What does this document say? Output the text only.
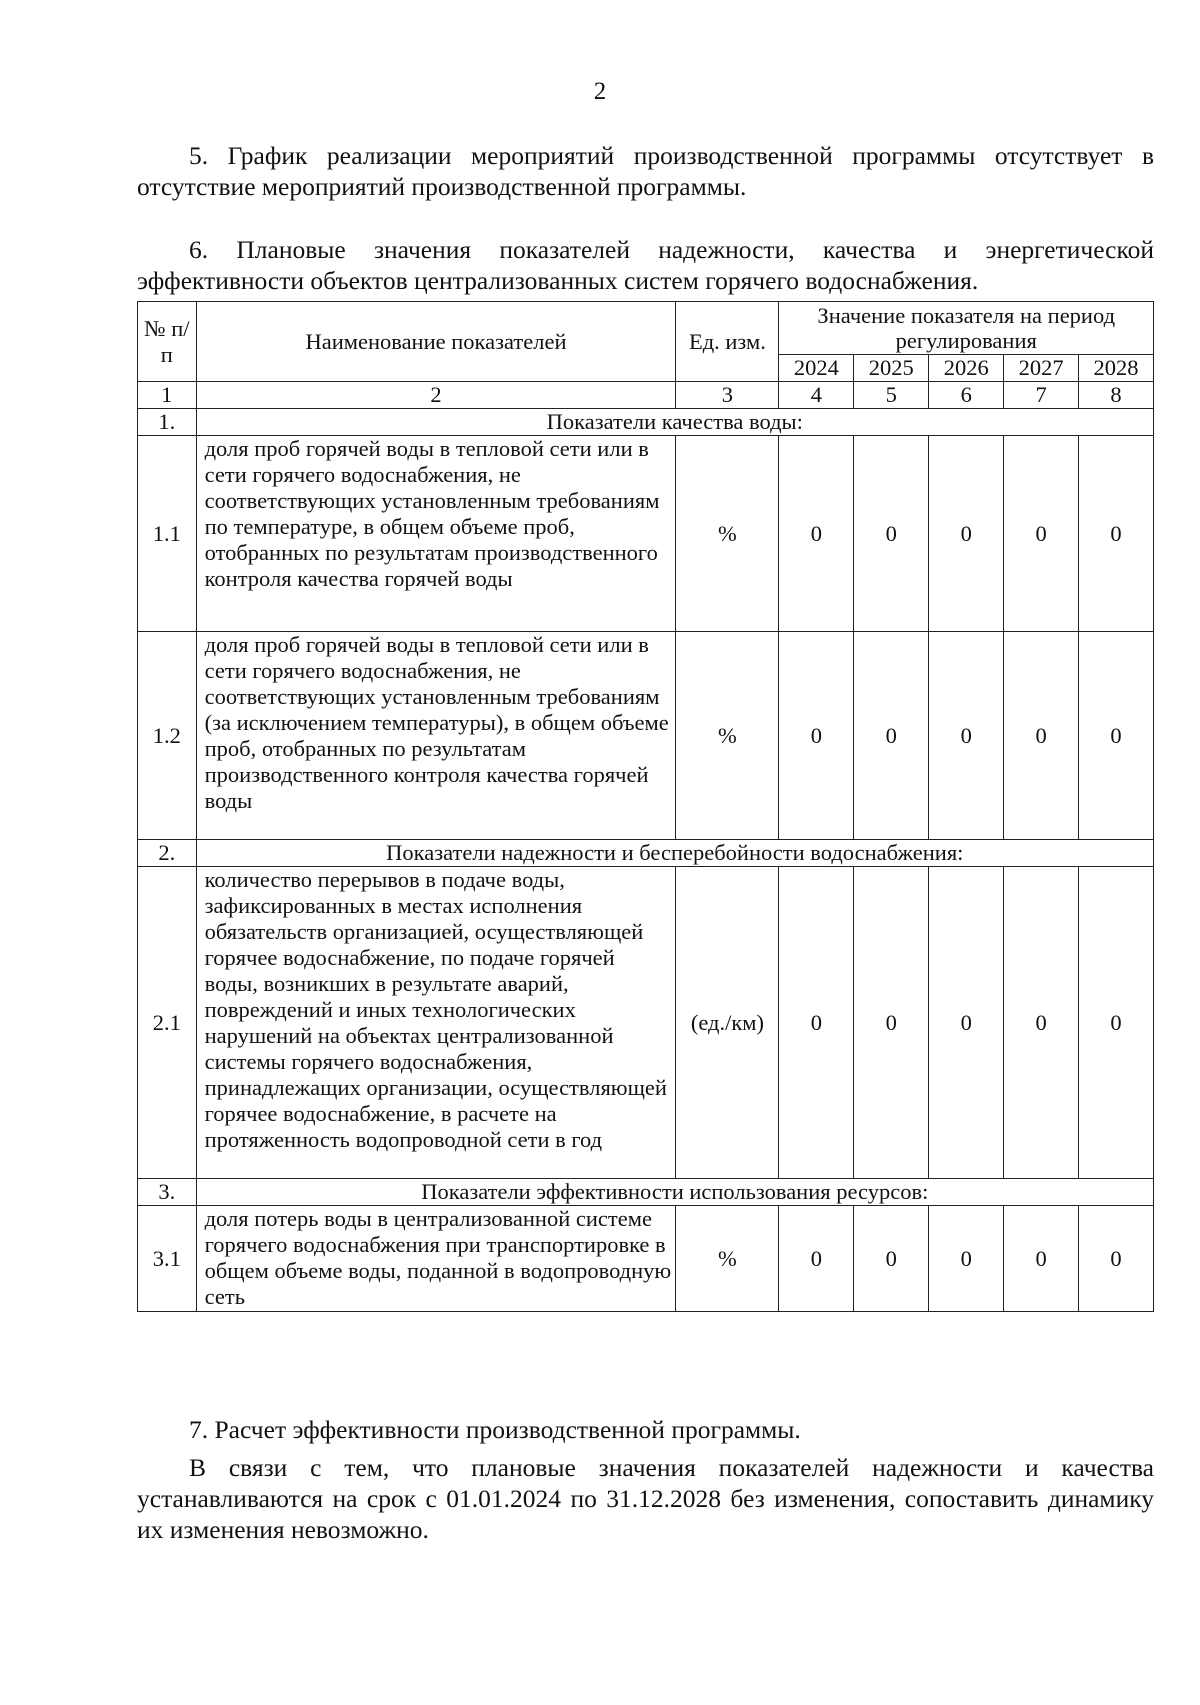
2

5. График реализации мероприятий производственной программы отсутствует в отсутствие мероприятий производственной программы.

6. Плановые значения показателей надежности, качества и энергетической эффективности объектов централизованных систем горячего водоснабжения.

№ п/п	Наименование показателей	Ед. изм.	Значение показателя на период регулирования				
			2024	2025	2026	2027	2028
1	2	3	4	5	6	7	8
1.	Показатели качества воды:						
1.1	доля проб горячей воды в тепловой сети или в сети горячего водоснабжения, не соответствующих установленным требованиям по температуре, в общем объеме проб, отобранных по результатам производственного контроля качества горячей воды	%	0	0	0	0	0
1.2	доля проб горячей воды в тепловой сети или в сети горячего водоснабжения, не соответствующих установленным требованиям (за исключением температуры), в общем объеме проб, отобранных по результатам производственного контроля качества горячей воды	%	0	0	0	0	0
2.	Показатели надежности и бесперебойности водоснабжения:						
2.1	количество перерывов в подаче воды, зафиксированных в местах исполнения обязательств организацией, осуществляющей горячее водоснабжение, по подаче горячей воды, возникших в результате аварий, повреждений и иных технологических нарушений на объектах централизованной системы горячего водоснабжения, принадлежащих организации, осуществляющей горячее водоснабжение, в расчете на протяженность водопроводной сети в год	(ед./км)	0	0	0	0	0
3.	Показатели эффективности использования ресурсов:						
3.1	доля потерь воды в централизованной системе горячего водоснабжения при транспортировке в общем объеме воды, поданной в водопроводную сеть	%	0	0	0	0	0

7. Расчет эффективности производственной программы.

В связи с тем, что плановые значения показателей надежности и качества устанавливаются на срок с 01.01.2024 по 31.12.2028 без изменения, сопоставить динамику их изменения невозможно.
